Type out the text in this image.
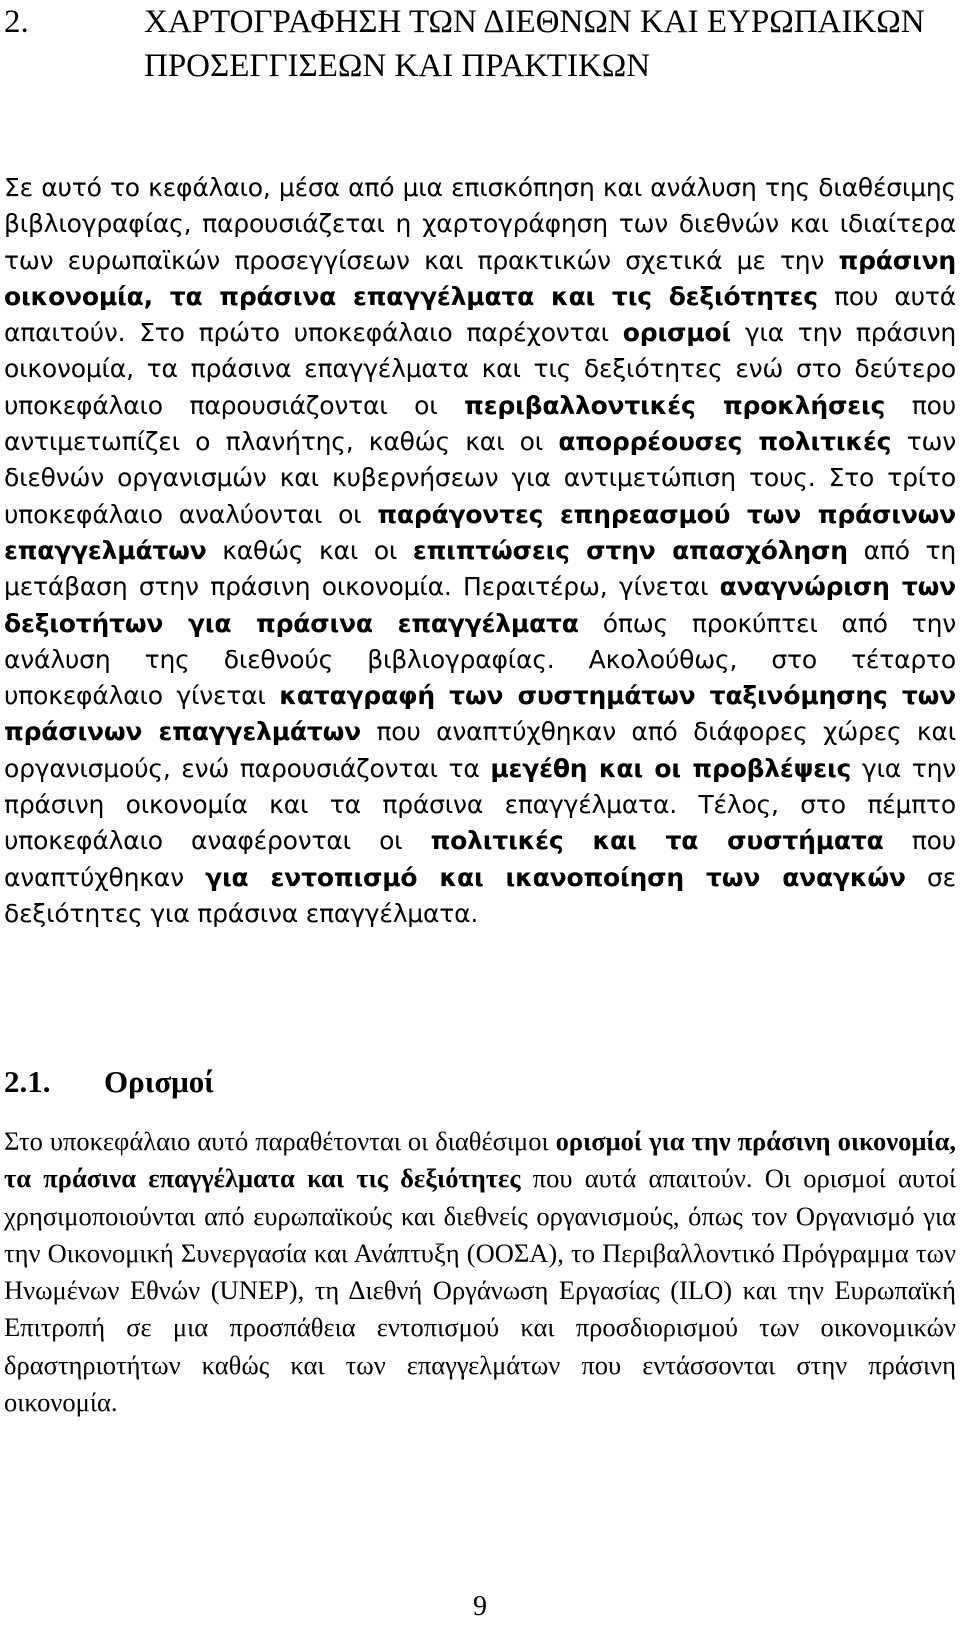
2.	ΧΑΡΤΟΓΡΑΦΗΣΗ ΤΩΝ ΔΙΕΘΝΩΝ ΚΑΙ ΕΥΡΩΠΑΙΚΩΝ ΠΡΟΣΕΓΓΙΣΕΩΝ ΚΑΙ ΠΡΑΚΤΙΚΩΝ

Σε αυτό το κεφάλαιο, μέσα από μια επισκόπηση και ανάλυση της διαθέσιμης βιβλιογραφίας, παρουσιάζεται η χαρτογράφηση των διεθνών και ιδιαίτερα των ευρωπαϊκών προσεγγίσεων και πρακτικών σχετικά με την πράσινη οικονομία, τα πράσινα επαγγέλματα και τις δεξιότητες που αυτά απαιτούν. Στο πρώτο υποκεφάλαιο παρέχονται ορισμοί για την πράσινη οικονομία, τα πράσινα επαγγέλματα και τις δεξιότητες ενώ στο δεύτερο υποκεφάλαιο παρουσιάζονται οι περιβαλλοντικές προκλήσεις που αντιμετωπίζει ο πλανήτης, καθώς και οι απορρέουσες πολιτικές των διεθνών οργανισμών και κυβερνήσεων για αντιμετώπιση τους. Στο τρίτο υποκεφάλαιο αναλύονται οι παράγοντες επηρεασμού των πράσινων επαγγελμάτων καθώς και οι επιπτώσεις στην απασχόληση από τη μετάβαση στην πράσινη οικονομία. Περαιτέρω, γίνεται αναγνώριση των δεξιοτήτων για πράσινα επαγγέλματα όπως προκύπτει από την ανάλυση της διεθνούς βιβλιογραφίας. Ακολούθως, στο τέταρτο υποκεφάλαιο γίνεται καταγραφή των συστημάτων ταξινόμησης των πράσινων επαγγελμάτων που αναπτύχθηκαν από διάφορες χώρες και οργανισμούς, ενώ παρουσιάζονται τα μεγέθη και οι προβλέψεις για την πράσινη οικονομία και τα πράσινα επαγγέλματα. Τέλος, στο πέμπτο υποκεφάλαιο αναφέρονται οι πολιτικές και τα συστήματα που αναπτύχθηκαν για εντοπισμό και ικανοποίηση των αναγκών σε δεξιότητες για πράσινα επαγγέλματα.

2.1. Ορισμοί

Στο υποκεφάλαιο αυτό παραθέτονται οι διαθέσιμοι ορισμοί για την πράσινη οικονομία, τα πράσινα επαγγέλματα και τις δεξιότητες που αυτά απαιτούν. Οι ορισμοί αυτοί χρησιμοποιούνται από ευρωπαϊκούς και διεθνείς οργανισμούς, όπως τον Οργανισμό για την Οικονομική Συνεργασία και Ανάπτυξη (ΟΟΣΑ), το Περιβαλλοντικό Πρόγραμμα των Ηνωμένων Εθνών (UNEP), τη Διεθνή Οργάνωση Εργασίας (ILO) και την Ευρωπαϊκή Επιτροπή σε μια προσπάθεια εντοπισμού και προσδιορισμού των οικονομικών δραστηριοτήτων καθώς και των επαγγελμάτων που εντάσσονται στην πράσινη οικονομία.

9
